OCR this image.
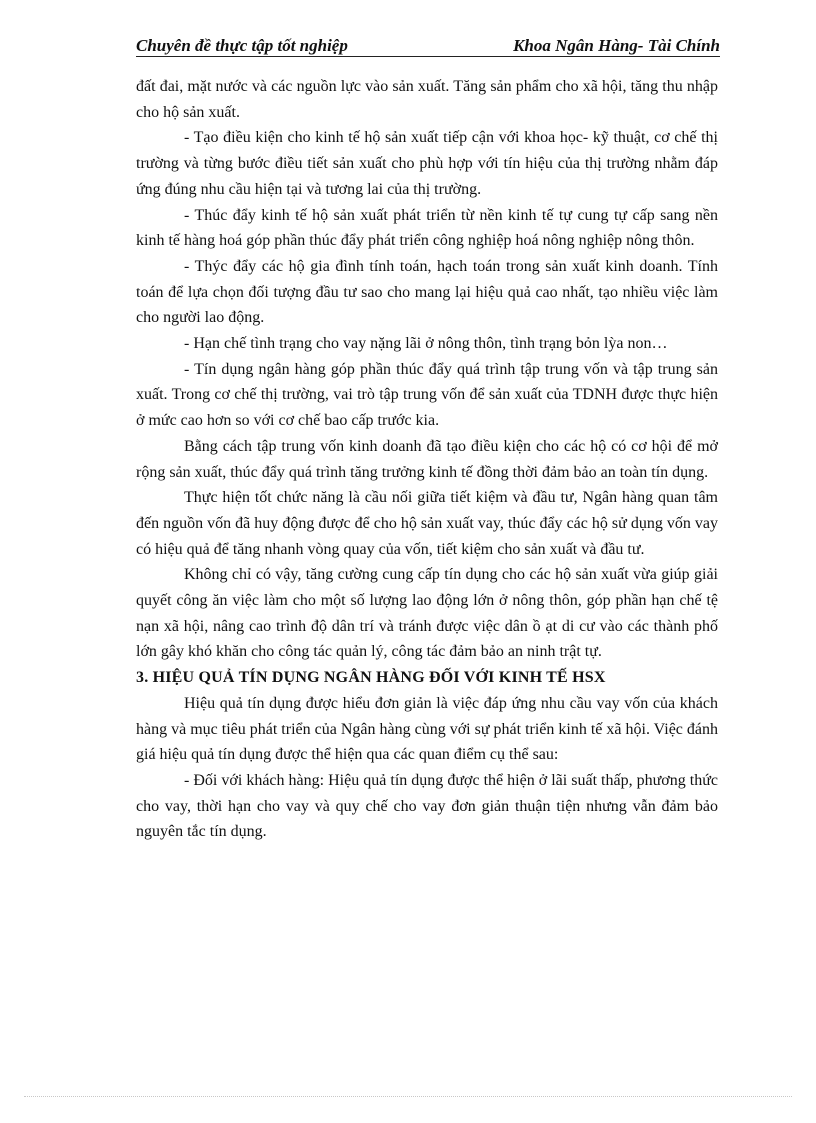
Chuyên đề thực tập tốt nghiệp	Khoa Ngân Hàng- Tài Chính

đất đai, mặt nước và các nguồn lực vào sản xuất. Tăng sản phẩm cho xã hội, tăng thu nhập cho hộ sản xuất.

- Tạo điều kiện cho kinh tế hộ sản xuất tiếp cận với khoa học- kỹ thuật, cơ chế thị trường và từng bước điều tiết sản xuất cho phù hợp với tín hiệu của thị trường nhằm đáp ứng đúng nhu cầu hiện tại và tương lai của thị trường.

- Thúc đẩy kinh tế hộ sản xuất phát triển từ nền kinh tế tự cung tự cấp sang nền kinh tế hàng hoá góp phần thúc đẩy phát triển công nghiệp hoá nông nghiệp nông thôn.

- Thýc đẩy các hộ gia đình tính toán, hạch toán trong sản xuất kinh doanh. Tính toán để lựa chọn đối tượng đầu tư sao cho mang lại hiệu quả cao nhất, tạo nhiều việc làm cho người lao động.

- Hạn chế tình trạng cho vay nặng lãi ở nông thôn, tình trạng bỏn lỳa non…

- Tín dụng ngân hàng góp phần thúc đẩy quá trình tập trung vốn và tập trung sản xuất. Trong cơ chế thị trường, vai trò tập trung vốn để sản xuất của TDNH được thực hiện ở mức cao hơn so với cơ chế bao cấp trước kia.

Bằng cách tập trung vốn kinh doanh đã tạo điều kiện cho các hộ có cơ hội để mở rộng sản xuất, thúc đẩy quá trình tăng trưởng kinh tế đồng thời đảm bảo an toàn tín dụng.

Thực hiện tốt chức năng là cầu nối giữa tiết kiệm và đầu tư, Ngân hàng quan tâm đến nguồn vốn đã huy động được để cho hộ sản xuất vay, thúc đẩy các hộ sử dụng vốn vay có hiệu quả để tăng nhanh vòng quay của vốn, tiết kiệm cho sản xuất và đầu tư.

Không chỉ có vậy, tăng cường cung cấp tín dụng cho các hộ sản xuất vừa giúp giải quyết công ăn việc làm cho một số lượng lao động lớn ở nông thôn, góp phần hạn chế tệ nạn xã hội, nâng cao trình độ dân trí và tránh được việc dân ồ ạt di cư vào các thành phố lớn gây khó khăn cho công tác quản lý, công tác đảm bảo an ninh trật tự.

3. HIỆU QUẢ TÍN DỤNG NGÂN HÀNG ĐỐI VỚI KINH TẾ HSX

Hiệu quả tín dụng được hiểu đơn giản là việc đáp ứng nhu cầu vay vốn của khách hàng và mục tiêu phát triển của Ngân hàng cùng với sự phát triển kinh tế xã hội. Việc đánh giá hiệu quả tín dụng được thể hiện qua các quan điểm cụ thể sau:

- Đối với khách hàng: Hiệu quả tín dụng được thể hiện ở lãi suất thấp, phương thức cho vay, thời hạn cho vay và quy chế cho vay đơn giản thuận tiện nhưng vẫn đảm bảo nguyên tắc tín dụng.
